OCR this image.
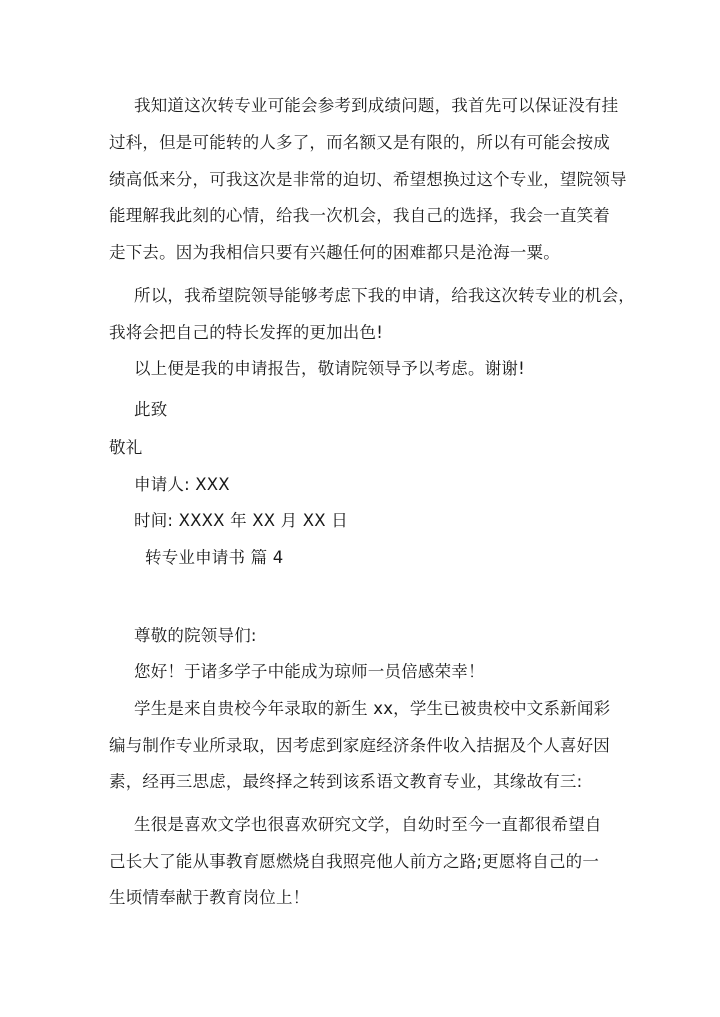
我知道这次转专业可能会参考到成绩问题，我首先可以保证没有挂
过科，但是可能转的人多了，而名额又是有限的，所以有可能会按成
绩高低来分，可我这次是非常的迫切、希望想换过这个专业，望院领导
能理解我此刻的心情，给我一次机会，我自己的选择，我会一直笑着
走下去。因为我相信只要有兴趣任何的困难都只是沧海一粟。
所以，我希望院领导能够考虑下我的申请，给我这次转专业的机会，
我将会把自己的特长发挥的更加出色!
以上便是我的申请报告，敬请院领导予以考虑。谢谢!
此致
敬礼
申请人: XXX
时间: XXXX 年 XX 月 XX 日
转专业申请书 篇 4
尊敬的院领导们:
您好！于诸多学子中能成为琼师一员倍感荣幸！
学生是来自贵校今年录取的新生 xx，学生已被贵校中文系新闻彩
编与制作专业所录取，因考虑到家庭经济条件收入拮据及个人喜好因
素，经再三思虑，最终择之转到该系语文教育专业，其缘故有三:
生很是喜欢文学也很喜欢研究文学，自幼时至今一直都很希望自
己长大了能从事教育愿燃烧自我照亮他人前方之路;更愿将自己的一
生顷情奉献于教育岗位上！
